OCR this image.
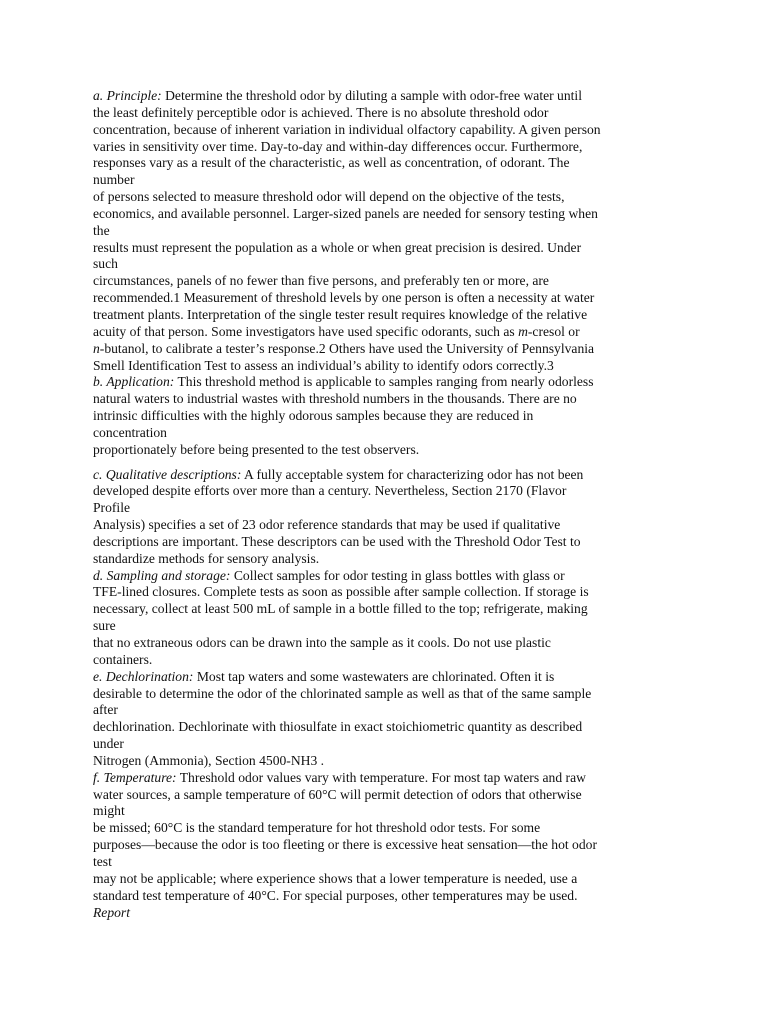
a. Principle: Determine the threshold odor by diluting a sample with odor-free water until
the least definitely perceptible odor is achieved. There is no absolute threshold odor
concentration, because of inherent variation in individual olfactory capability. A given person
varies in sensitivity over time. Day-to-day and within-day differences occur. Furthermore,
responses vary as a result of the characteristic, as well as concentration, of odorant. The
number
of persons selected to measure threshold odor will depend on the objective of the tests,
economics, and available personnel. Larger-sized panels are needed for sensory testing when
the
results must represent the population as a whole or when great precision is desired. Under
such
circumstances, panels of no fewer than five persons, and preferably ten or more, are
recommended.1 Measurement of threshold levels by one person is often a necessity at water
treatment plants. Interpretation of the single tester result requires knowledge of the relative
acuity of that person. Some investigators have used specific odorants, such as m-cresol or
n-butanol, to calibrate a tester’s response.2 Others have used the University of Pennsylvania
Smell Identification Test to assess an individual’s ability to identify odors correctly.3
b. Application: This threshold method is applicable to samples ranging from nearly odorless
natural waters to industrial wastes with threshold numbers in the thousands. There are no
intrinsic difficulties with the highly odorous samples because they are reduced in
concentration
proportionately before being presented to the test observers.
c. Qualitative descriptions: A fully acceptable system for characterizing odor has not been
developed despite efforts over more than a century. Nevertheless, Section 2170 (Flavor
Profile
Analysis) specifies a set of 23 odor reference standards that may be used if qualitative
descriptions are important. These descriptors can be used with the Threshold Odor Test to
standardize methods for sensory analysis.
d. Sampling and storage: Collect samples for odor testing in glass bottles with glass or
TFE-lined closures. Complete tests as soon as possible after sample collection. If storage is
necessary, collect at least 500 mL of sample in a bottle filled to the top; refrigerate, making
sure
that no extraneous odors can be drawn into the sample as it cools. Do not use plastic
containers.
e. Dechlorination: Most tap waters and some wastewaters are chlorinated. Often it is
desirable to determine the odor of the chlorinated sample as well as that of the same sample
after
dechlorination. Dechlorinate with thiosulfate in exact stoichiometric quantity as described
under
Nitrogen (Ammonia), Section 4500-NH3 .
f. Temperature: Threshold odor values vary with temperature. For most tap waters and raw
water sources, a sample temperature of 60°C will permit detection of odors that otherwise
might
be missed; 60°C is the standard temperature for hot threshold odor tests. For some
purposes—because the odor is too fleeting or there is excessive heat sensation—the hot odor
test
may not be applicable; where experience shows that a lower temperature is needed, use a
standard test temperature of 40°C. For special purposes, other temperatures may be used.
Report
